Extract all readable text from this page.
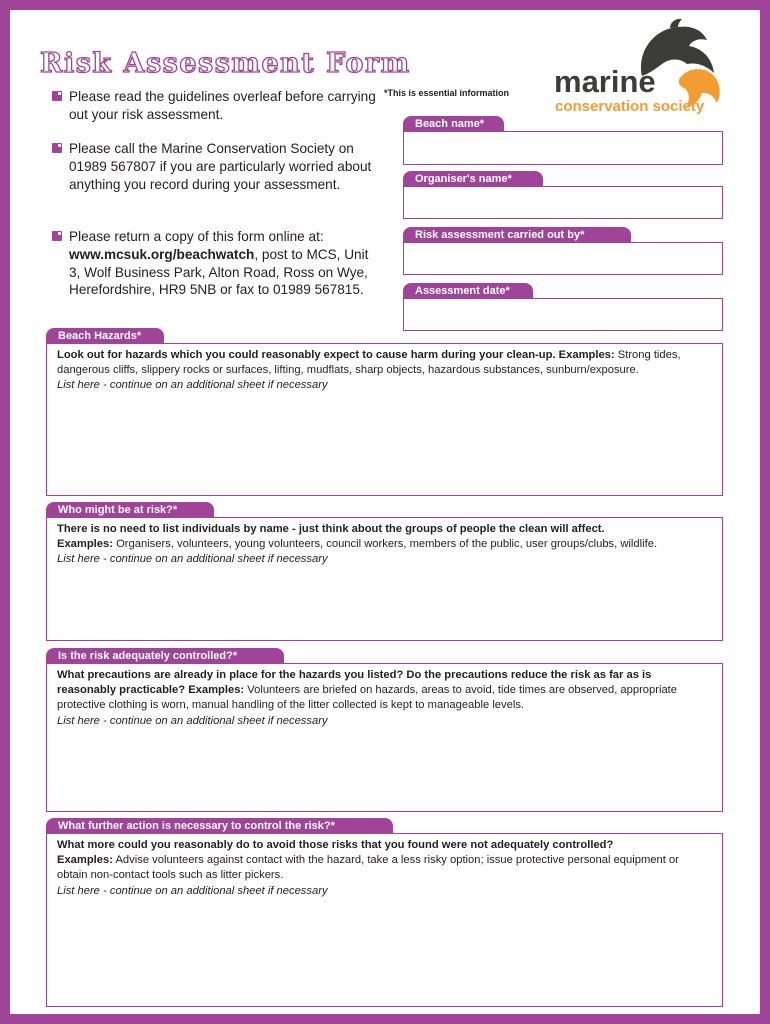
Risk Assessment Form
*This is essential information marine
conservation society
Please read the guidelines overleaf before carrying out your risk assessment.
Please call the Marine Conservation Society on 01989 567807 if you are particularly worried about anything you record during your assessment.
Please return a copy of this form online at: www.mcsuk.org/beachwatch, post to MCS, Unit 3, Wolf Business Park, Alton Road, Ross on Wye, Herefordshire, HR9 5NB or fax to 01989 567815.
Beach name*
Organiser's name*
Risk assessment carried out by*
Assessment date*
Beach Hazards*
Look out for hazards which you could reasonably expect to cause harm during your clean-up. Examples: Strong tides, dangerous cliffs, slippery rocks or surfaces, lifting, mudflats, sharp objects, hazardous substances, sunburn/exposure.
List here - continue on an additional sheet if necessary
Who might be at risk?*
There is no need to list individuals by name - just think about the groups of people the clean will affect.
Examples: Organisers, volunteers, young volunteers, council workers, members of the public, user groups/clubs, wildlife.
List here - continue on an additional sheet if necessary
Is the risk adequately controlled?*
What precautions are already in place for the hazards you listed? Do the precautions reduce the risk as far as is reasonably practicable? Examples: Volunteers are briefed on hazards, areas to avoid, tide times are observed, appropriate protective clothing is worn, manual handling of the litter collected is kept to manageable levels.
List here - continue on an additional sheet if necessary
What further action is necessary to control the risk?*
What more could you reasonably do to avoid those risks that you found were not adequately controlled?
Examples: Advise volunteers against contact with the hazard, take a less risky option; issue protective personal equipment or obtain non-contact tools such as litter pickers.
List here - continue on an additional sheet if necessary
